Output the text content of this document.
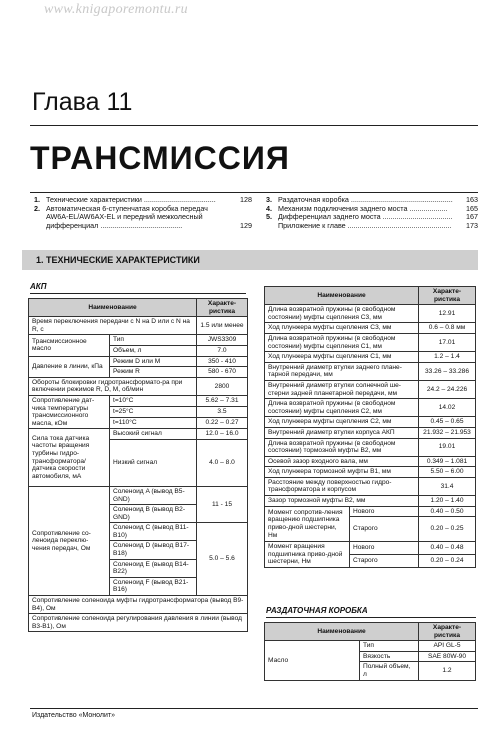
www.knigaporemontu.ru
Глава 11
ТРАНСМИССИЯ
1. Технические характеристики ....................................	128
2. Автоматическая 6-ступенчатая коробка передач AW6A-EL/AW6AX-EL и передний межколесный дифференциал .........................................	129
3. Раздаточная коробка ...................................................	163
4. Механизм подключения заднего моста ...................	165
5. Дифференциал заднего моста ...................................	167
Приложение к главе ....................................................	173
1. ТЕХНИЧЕСКИЕ ХАРАКТЕРИСТИКИ
АКП
Наименование		Характе-ристика
Время переключения передачи с N на D или с N на R, с		1.5 или менее
Трансмиссионное масло	Тип	JWS3309
	Объем, л	7.0
Давление в линии, кПа	Режим D или M	350 - 410
	Режим R	580 - 670
Обороты блокировки гидротрансформато-ра при включении режимов R, D, M, об/мин		2800
Сопротивление дат-чика температуры трансмиссионного масла, кОм	t=10°C	5.62 – 7.31
	t=25°C	3.5
	t=110°C	0.22 – 0.27
Сила тока датчика частоты вращения турбины гидро-трансформатора/ датчика скорости автомобиля, мА	Высокий сигнал	12.0 – 16.0
	Низкий сигнал	4.0 – 8.0
Сопротивление со-леноида переклю-чения передач, Ом	Соленоид A (вывод B5-GND)	11 - 15
	Соленоид B (вывод B2-GND)	
	Соленоид C (вывод B11-B10)	5.0 – 5.6
	Соленоид D (вывод B17-B18)	
	Соленоид E (вывод B14-B22)	
	Соленоид F (вывод B21-B16)	
Сопротивление соленоида муфты гидротрансформатора (вывод B9-B4), Ом		
Сопротивление соленоида регулирования давления в линии (вывод B3-B1), Ом		
Наименование		Характе-ристика
Длина возвратной пружины (в свободном состоянии) муфты сцепления C3, мм		12.91
Ход плунжера муфты сцепления C3, мм		0.6 – 0.8 мм
Длина возвратной пружины (в свободном состоянии) муфты сцепления C1, мм		17.01
Ход плунжера муфты сцепления C1, мм		1.2 – 1.4
Внутренний диаметр втулки заднего плане-тарной передачи, мм		33.26 – 33.286
Внутренний диаметр втулки солнечной ше-стерни задней планетарной передачи, мм		24.2 – 24.226
Длина возвратной пружины (в свободном состоянии) муфты сцепления C2, мм		14.02
Ход плунжера муфты сцепления C2, мм		0.45 – 0.65
Внутренний диаметр втулки корпуса АКП		21.932 – 21.953
Длина возвратной пружины (в свободном состоянии) тормозной муфты B2, мм		19.01
Осевой зазор входного вала, мм		0.349 – 1.081
Ход плунжера тормозной муфты B1, мм		5.50 – 6.00
Расстояние между поверхностью гидро-трансформатора и корпусом		31.4
Зазор тормозной муфты B2, мм		1.20 – 1.40
Момент сопротив-ления вращению подшипника приво-дной шестерни, Нм	Нового	0.40 – 0.50
	Старого	0.20 – 0.25
Момент вращения подшипника приво-дной шестерни, Нм	Нового	0.40 – 0.48
	Старого	0.20 – 0.24
РАЗДАТОЧНАЯ КОРОБКА
Наименование		Характе-ристика
Масло	Тип	API GL-5
	Вязкость	SAE 80W-90
	Полный объем, л	1.2
Издательство «Монолит»
